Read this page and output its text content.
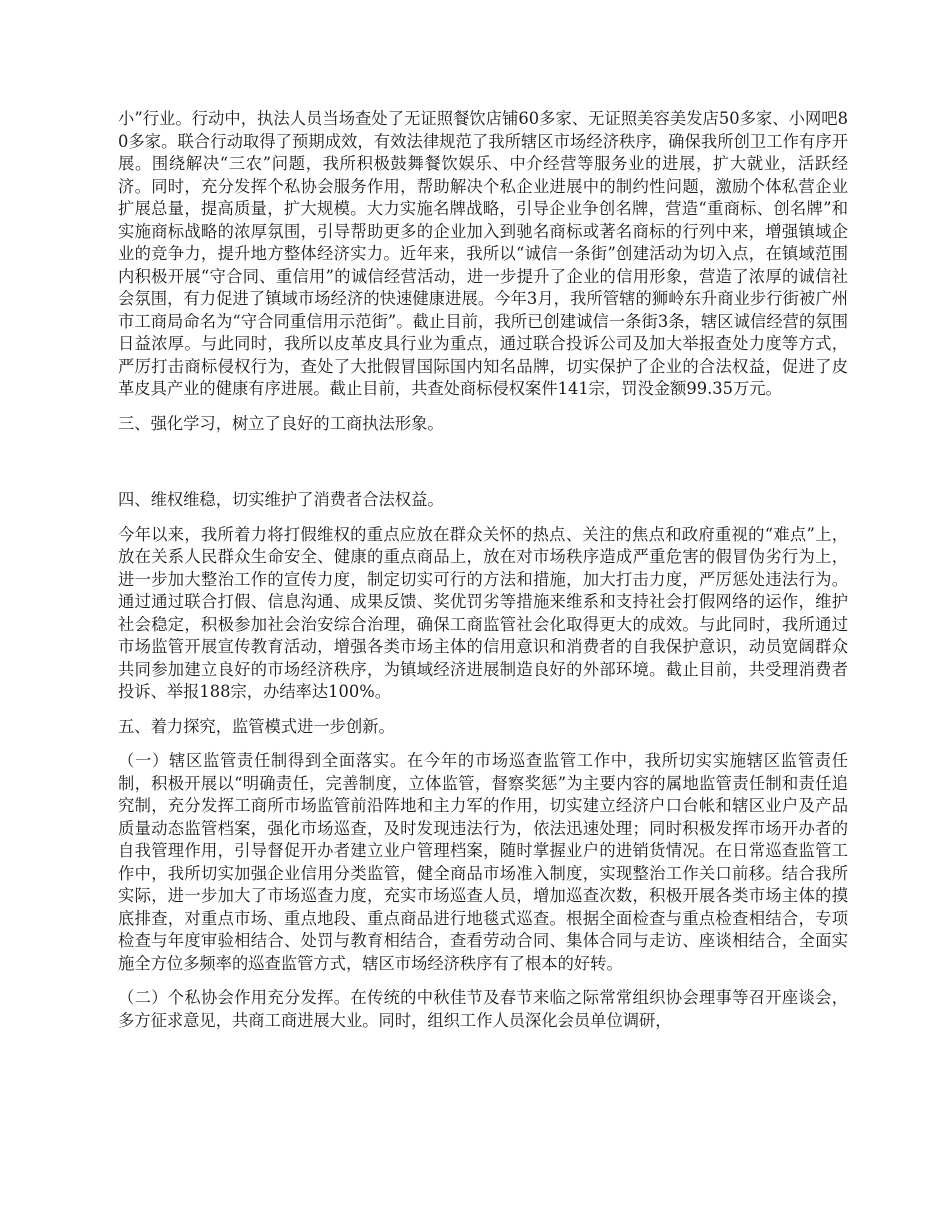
小”行业。行动中，执法人员当场查处了无证照餐饮店铺60多家、无证照美容美发店50多家、小网吧80多家。联合行动取得了预期成效，有效法律规范了我所辖区市场经济秩序，确保我所创卫工作有序开展。围绕解决“三农”问题，我所积极鼓舞餐饮娱乐、中介经营等服务业的进展，扩大就业，活跃经济。同时，充分发挥个私协会服务作用，帮助解决个私企业进展中的制约性问题，激励个体私营企业扩展总量，提高质量，扩大规模。大力实施名牌战略，引导企业争创名牌，营造“重商标、创名牌”和实施商标战略的浓厚氛围，引导帮助更多的企业加入到驰名商标或著名商标的行列中来，增强镇域企业的竞争力，提升地方整体经济实力。近年来，我所以“诚信一条街”创建活动为切入点，在镇域范围内积极开展“守合同、重信用”的诚信经营活动，进一步提升了企业的信用形象，营造了浓厚的诚信社会氛围，有力促进了镇域市场经济的快速健康进展。今年3月，我所管辖的狮岭东升商业步行街被广州市工商局命名为“守合同重信用示范街”。截止目前，我所已创建诚信一条街3条，辖区诚信经营的氛围日益浓厚。与此同时，我所以皮革皮具行业为重点，通过联合投诉公司及加大举报查处力度等方式，严厉打击商标侵权行为，查处了大批假冒国际国内知名品牌，切实保护了企业的合法权益，促进了皮革皮具产业的健康有序进展。截止目前，共查处商标侵权案件141宗，罚没金额99.35万元。

三、强化学习，树立了良好的工商执法形象。

四、维权维稳，切实维护了消费者合法权益。

今年以来，我所着力将打假维权的重点应放在群众关怀的热点、关注的焦点和政府重视的“难点”上，放在关系人民群众生命安全、健康的重点商品上，放在对市场秩序造成严重危害的假冒伪劣行为上，进一步加大整治工作的宣传力度，制定切实可行的方法和措施，加大打击力度，严厉惩处违法行为。通过通过联合打假、信息沟通、成果反馈、奖优罚劣等措施来维系和支持社会打假网络的运作，维护社会稳定，积极参加社会治安综合治理，确保工商监管社会化取得更大的成效。与此同时，我所通过市场监管开展宣传教育活动，增强各类市场主体的信用意识和消费者的自我保护意识，动员宽阔群众共同参加建立良好的市场经济秩序，为镇域经济进展制造良好的外部环境。截止目前，共受理消费者投诉、举报188宗，办结率达100%。

五、着力探究，监管模式进一步创新。

（一）辖区监管责任制得到全面落实。在今年的市场巡查监管工作中，我所切实实施辖区监管责任制，积极开展以“明确责任，完善制度，立体监管，督察奖惩”为主要内容的属地监管责任制和责任追究制，充分发挥工商所市场监管前沿阵地和主力军的作用，切实建立经济户口台帐和辖区业户及产品质量动态监管档案，强化市场巡查，及时发现违法行为，依法迅速处理；同时积极发挥市场开办者的自我管理作用，引导督促开办者建立业户管理档案，随时掌握业户的进销货情况。在日常巡查监管工作中，我所切实加强企业信用分类监管，健全商品市场准入制度，实现整治工作关口前移。结合我所实际，进一步加大了市场巡查力度，充实市场巡查人员，增加巡查次数，积极开展各类市场主体的摸底排查，对重点市场、重点地段、重点商品进行地毯式巡查。根据全面检查与重点检查相结合，专项检查与年度审验相结合、处罚与教育相结合，查看劳动合同、集体合同与走访、座谈相结合，全面实施全方位多频率的巡查监管方式，辖区市场经济秩序有了根本的好转。

（二）个私协会作用充分发挥。在传统的中秋佳节及春节来临之际常常组织协会理事等召开座谈会，多方征求意见，共商工商进展大业。同时，组织工作人员深化会员单位调研，
